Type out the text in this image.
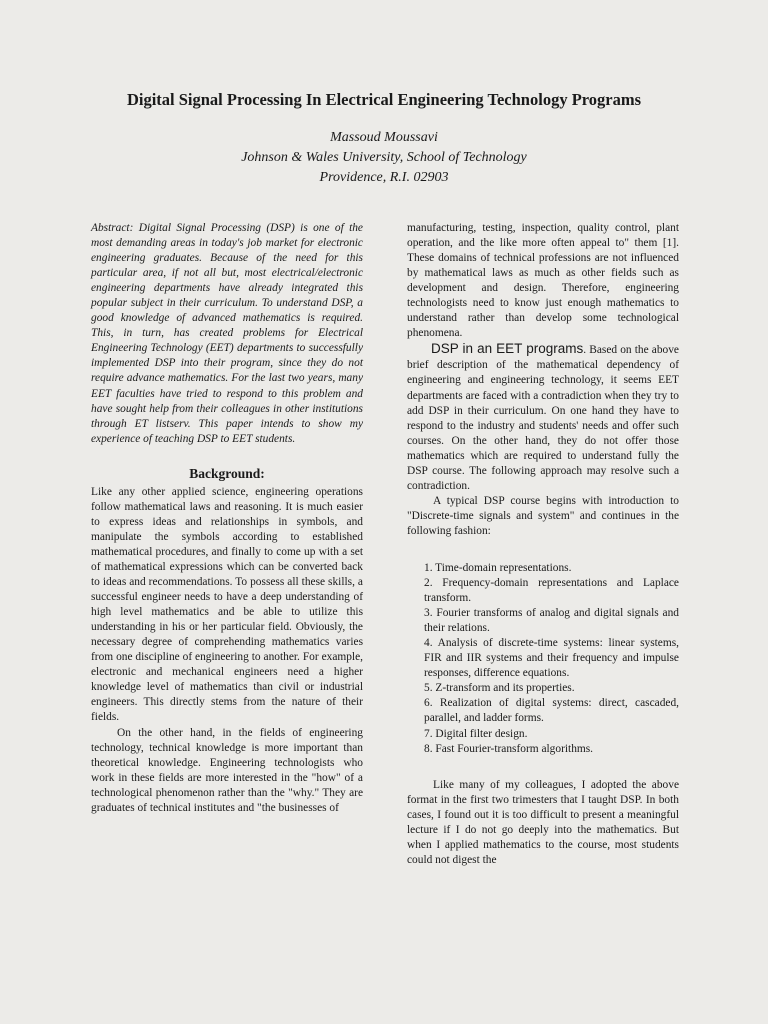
Digital Signal Processing In Electrical Engineering Technology Programs
Massoud Moussavi
Johnson & Wales University, School of Technology
Providence, R.I. 02903

Abstract: Digital Signal Processing (DSP) is one of the most demanding areas in today's job market for electronic engineering graduates. Because of the need for this particular area, if not all but, most electrical/electronic engineering departments have already integrated this popular subject in their curriculum. To understand DSP, a good knowledge of advanced mathematics is required. This, in turn, has created problems for Electrical Engineering Technology (EET) departments to successfully implemented DSP into their program, since they do not require advance mathematics. For the last two years, many EET faculties have tried to respond to this problem and have sought help from their colleagues in other institutions through ET listserv. This paper intends to show my experience of teaching DSP to EET students.

Background:

Like any other applied science, engineering operations follow mathematical laws and reasoning. It is much easier to express ideas and relationships in symbols, and manipulate the symbols according to established mathematical procedures, and finally to come up with a set of mathematical expressions which can be converted back to ideas and recommendations. To possess all these skills, a successful engineer needs to have a deep understanding of high level mathematics and be able to utilize this understanding in his or her particular field. Obviously, the necessary degree of comprehending mathematics varies from one discipline of engineering to another. For example, electronic and mechanical engineers need a higher knowledge level of mathematics than civil or industrial engineers. This directly stems from the nature of their fields.

On the other hand, in the fields of engineering technology, technical knowledge is more important than theoretical knowledge. Engineering technologists who work in these fields are more interested in the "how" of a technological phenomenon rather than the "why." They are graduates of technical institutes and "the businesses of

manufacturing, testing, inspection, quality control, plant operation, and the like more often appeal to" them [1]. These domains of technical professions are not influenced by mathematical laws as much as other fields such as development and design. Therefore, engineering technologists need to know just enough mathematics to understand rather than develop some technological phenomena.

DSP in an EET programs. Based on the above brief description of the mathematical dependency of engineering and engineering technology, it seems EET departments are faced with a contradiction when they try to add DSP in their curriculum. On one hand they have to respond to the industry and students' needs and offer such courses. On the other hand, they do not offer those mathematics which are required to understand fully the DSP course. The following approach may resolve such a contradiction.

A typical DSP course begins with introduction to "Discrete-time signals and system" and continues in the following fashion:

1. Time-domain representations.
2. Frequency-domain representations and Laplace transform.
3. Fourier transforms of analog and digital signals and their relations.
4. Analysis of discrete-time systems: linear systems, FIR and IIR systems and their frequency and impulse responses, difference equations.
5. Z-transform and its properties.
6. Realization of digital systems: direct, cascaded, parallel, and ladder forms.
7. Digital filter design.
8. Fast Fourier-transform algorithms.

Like many of my colleagues, I adopted the above format in the first two trimesters that I taught DSP. In both cases, I found out it is too difficult to present a meaningful lecture if I do not go deeply into the mathematics. But when I applied mathematics to the course, most students could not digest the
